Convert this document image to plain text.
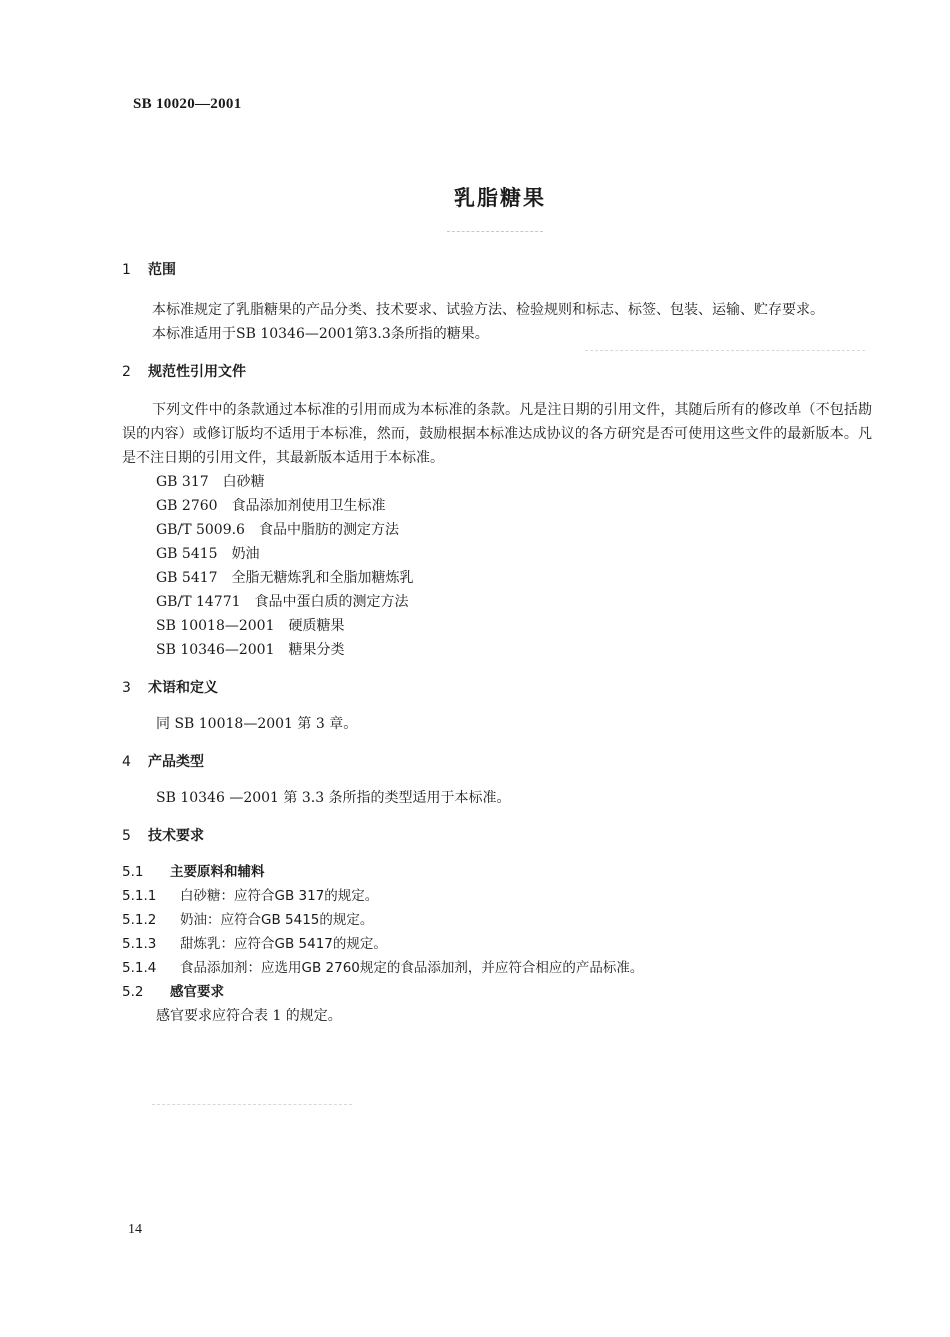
SB 10020—2001
乳脂糖果

1 范围

本标准规定了乳脂糖果的产品分类、技术要求、试验方法、检验规则和标志、标签、包装、运输、贮存要求。

本标准适用于SB 10346—2001第3.3条所指的糖果。

2 规范性引用文件

下列文件中的条款通过本标准的引用而成为本标准的条款。凡是注日期的引用文件，其随后所有的修改单（不包括勘误的内容）或修订版均不适用于本标准，然而，鼓励根据本标准达成协议的各方研究是否可使用这些文件的最新版本。凡是不注日期的引用文件，其最新版本适用于本标准。

GB 317 白砂糖
GB 2760 食品添加剂使用卫生标准
GB/T 5009.6 食品中脂肪的测定方法
GB 5415 奶油
GB 5417 全脂无糖炼乳和全脂加糖炼乳
GB/T 14771 食品中蛋白质的测定方法
SB 10018—2001 硬质糖果
SB 10346—2001 糖果分类

3 术语和定义

同 SB 10018—2001 第 3 章。

4 产品类型

SB 10346 —2001 第 3.3 条所指的类型适用于本标准。

5 技术要求

5.1 主要原料和辅料

5.1.1 白砂糖：应符合GB 317的规定。

5.1.2 奶油：应符合GB 5415的规定。

5.1.3 甜炼乳：应符合GB 5417的规定。

5.1.4 食品添加剂：应选用GB 2760规定的食品添加剂，并应符合相应的产品标准。

5.2 感官要求

感官要求应符合表 1 的规定。

14
